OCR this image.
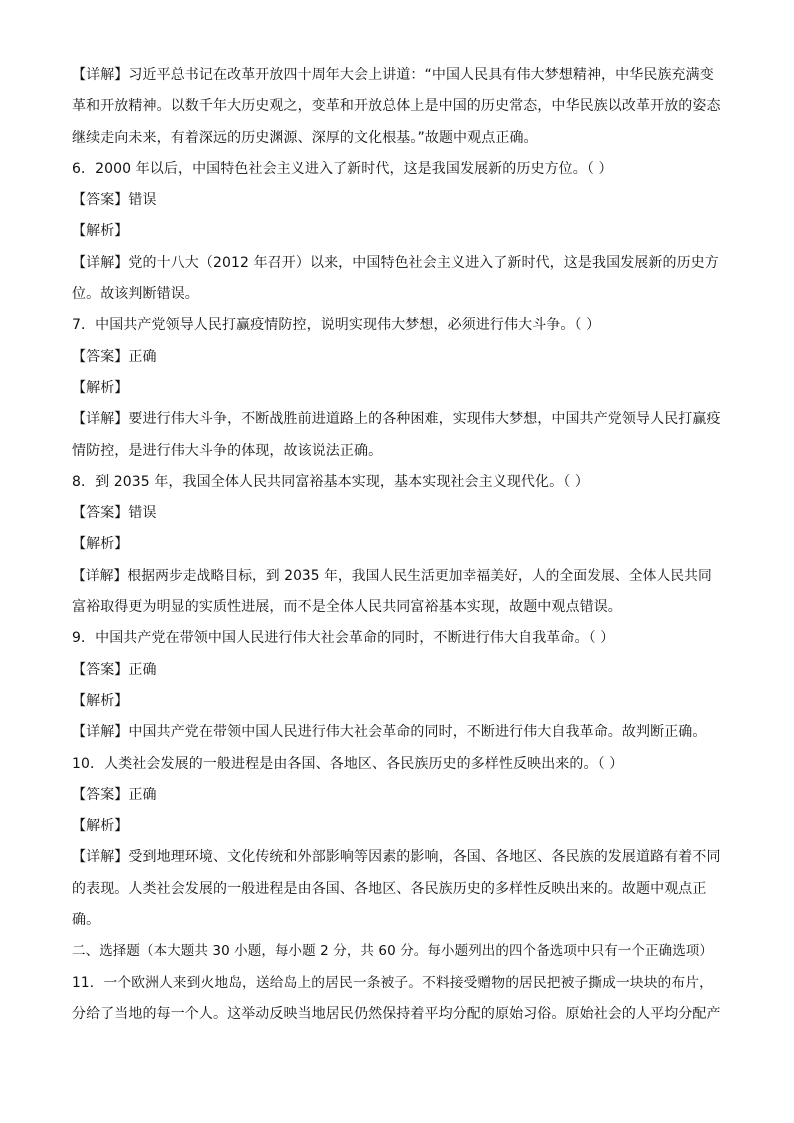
【详解】习近平总书记在改革开放四十周年大会上讲道：“中国人民具有伟大梦想精神，中华民族充满变
革和开放精神。以数千年大历史观之，变革和开放总体上是中国的历史常态，中华民族以改革开放的姿态
继续走向未来，有着深远的历史渊源、深厚的文化根基。”故题中观点正确。
6．2000 年以后，中国特色社会主义进入了新时代，这是我国发展新的历史方位。（ ）
【答案】错误
【解析】
【详解】党的十八大（2012 年召开）以来，中国特色社会主义进入了新时代，这是我国发展新的历史方
位。故该判断错误。
7．中国共产党领导人民打赢疫情防控，说明实现伟大梦想，必须进行伟大斗争。（ ）
【答案】正确
【解析】
【详解】要进行伟大斗争，不断战胜前进道路上的各种困难，实现伟大梦想，中国共产党领导人民打赢疫
情防控，是进行伟大斗争的体现，故该说法正确。
8．到 2035 年，我国全体人民共同富裕基本实现，基本实现社会主义现代化。（ ）
【答案】错误
【解析】
【详解】根据两步走战略目标，到 2035 年，我国人民生活更加幸福美好，人的全面发展、全体人民共同
富裕取得更为明显的实质性进展，而不是全体人民共同富裕基本实现，故题中观点错误。
9．中国共产党在带领中国人民进行伟大社会革命的同时，不断进行伟大自我革命。（ ）
【答案】正确
【解析】
【详解】中国共产党在带领中国人民进行伟大社会革命的同时，不断进行伟大自我革命。故判断正确。
10．人类社会发展的一般进程是由各国、各地区、各民族历史的多样性反映出来的。（ ）
【答案】正确
【解析】
【详解】受到地理环境、文化传统和外部影响等因素的影响，各国、各地区、各民族的发展道路有着不同
的表现。人类社会发展的一般进程是由各国、各地区、各民族历史的多样性反映出来的。故题中观点正
确。
二、选择题（本大题共 30 小题，每小题 2 分，共 60 分。每小题列出的四个备选项中只有一个正确选项）
11．一个欧洲人来到火地岛，送给岛上的居民一条被子。不料接受赠物的居民把被子撕成一块块的布片，
分给了当地的每一个人。这举动反映当地居民仍然保持着平均分配的原始习俗。原始社会的人平均分配产
